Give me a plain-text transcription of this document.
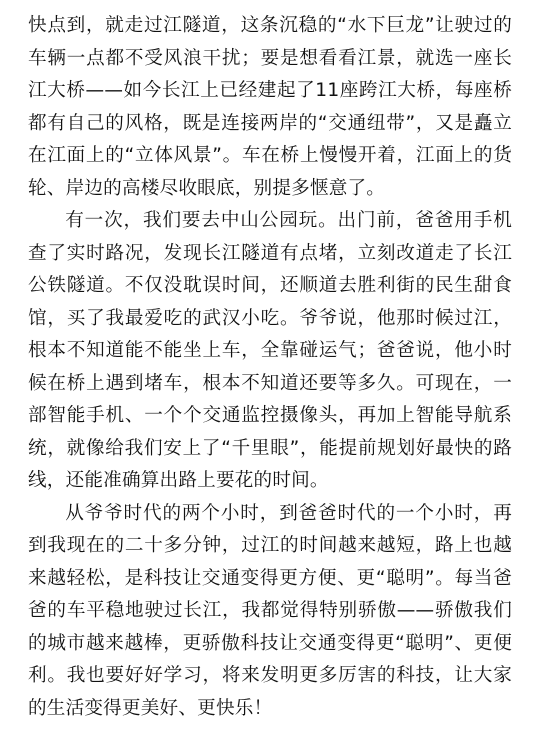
快点到，就走过江隧道，这条沉稳的“水下巨龙”让驶过的车辆一点都不受风浪干扰；要是想看看江景，就选一座长江大桥——如今长江上已经建起了11座跨江大桥，每座桥都有自己的风格，既是连接两岸的“交通纽带”，又是矗立在江面上的“立体风景”。车在桥上慢慢开着，江面上的货轮、岸边的高楼尽收眼底，别提多惬意了。

有一次，我们要去中山公园玩。出门前，爸爸用手机查了实时路况，发现长江隧道有点堵，立刻改道走了长江公铁隧道。不仅没耽误时间，还顺道去胜利街的民生甜食馆，买了我最爱吃的武汉小吃。爷爷说，他那时候过江，根本不知道能不能坐上车，全靠碰运气；爸爸说，他小时候在桥上遇到堵车，根本不知道还要等多久。可现在，一部智能手机、一个个交通监控摄像头，再加上智能导航系统，就像给我们安上了“千里眼”，能提前规划好最快的路线，还能准确算出路上要花的时间。

从爷爷时代的两个小时，到爸爸时代的一个小时，再到我现在的二十多分钟，过江的时间越来越短，路上也越来越轻松，是科技让交通变得更方便、更“聪明”。每当爸爸的车平稳地驶过长江，我都觉得特别骄傲——骄傲我们的城市越来越棒，更骄傲科技让交通变得更“聪明”、更便利。我也要好好学习，将来发明更多厉害的科技，让大家的生活变得更美好、更快乐！
